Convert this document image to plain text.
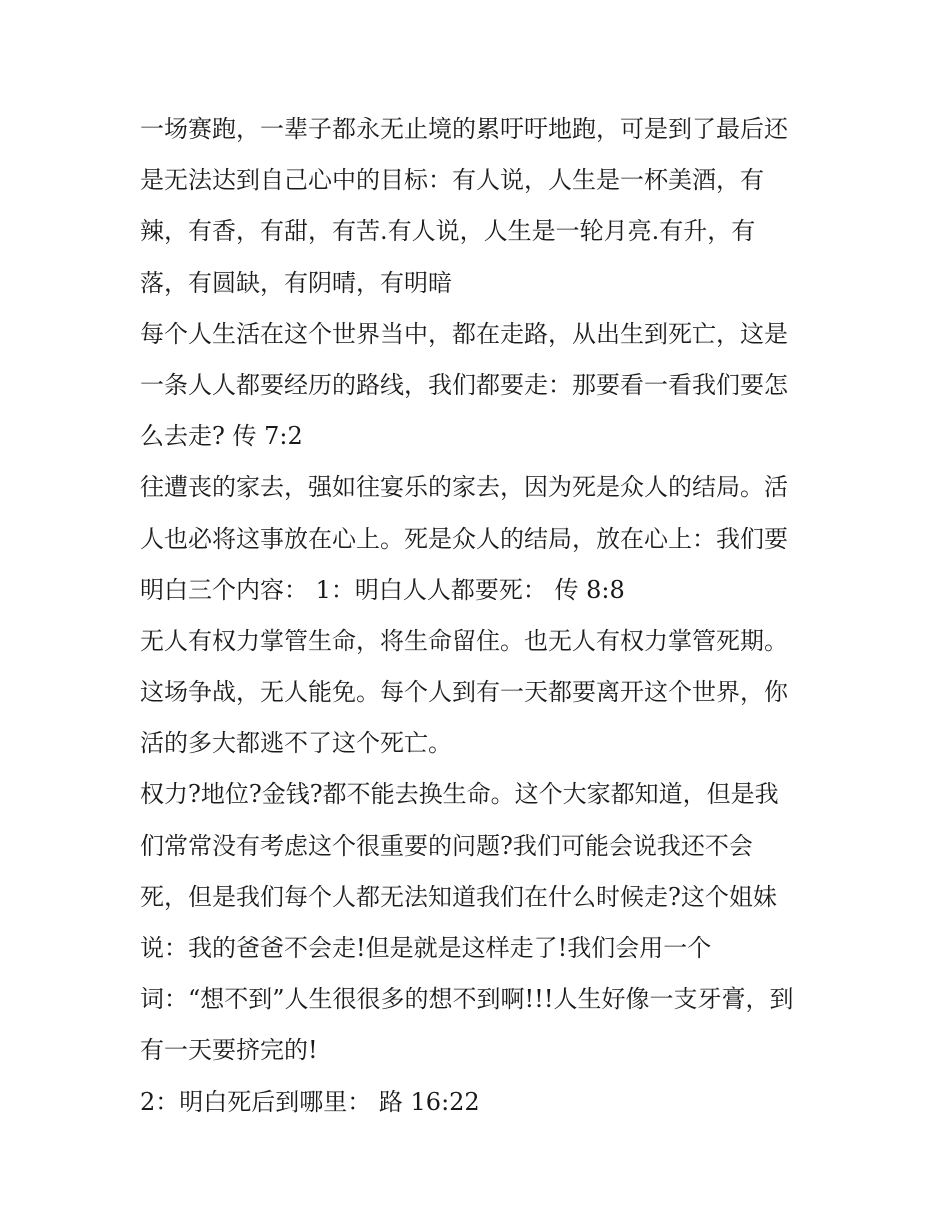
一场赛跑，一辈子都永无止境的累吁吁地跑，可是到了最后还
是无法达到自己心中的目标：有人说，人生是一杯美酒，有
辣，有香，有甜，有苦.有人说，人生是一轮月亮.有升，有
落，有圆缺，有阴晴，有明暗
每个人生活在这个世界当中，都在走路，从出生到死亡，这是
一条人人都要经历的路线，我们都要走：那要看一看我们要怎
么去走? 传 7:2
往遭丧的家去，强如往宴乐的家去，因为死是众人的结局。活
人也必将这事放在心上。死是众人的结局，放在心上：我们要
明白三个内容： 1：明白人人都要死： 传 8:8
无人有权力掌管生命，将生命留住。也无人有权力掌管死期。
这场争战，无人能免。每个人到有一天都要离开这个世界，你
活的多大都逃不了这个死亡。
权力?地位?金钱?都不能去换生命。这个大家都知道，但是我
们常常没有考虑这个很重要的问题?我们可能会说我还不会
死，但是我们每个人都无法知道我们在什么时候走?这个姐妹
说：我的爸爸不会走!但是就是这样走了!我们会用一个
词：“想不到”人生很很多的想不到啊!!!人生好像一支牙膏，到
有一天要挤完的!
2：明白死后到哪里： 路 16:22
